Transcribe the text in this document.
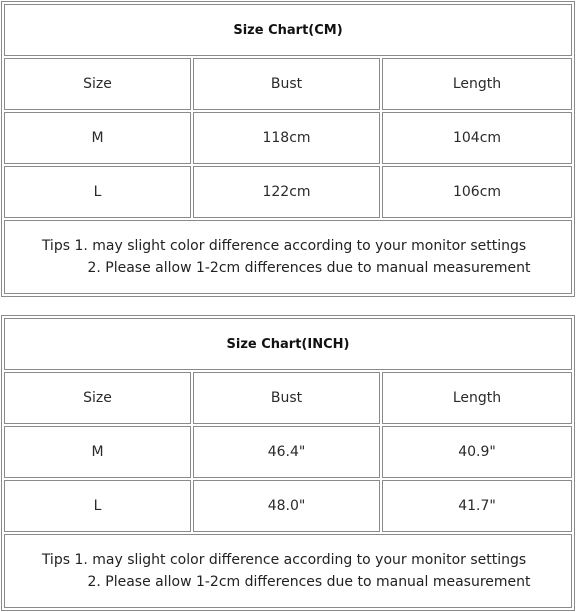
Size Chart(CM)
Size	Bust	Length
M	118cm	104cm
L	122cm	106cm
Tips 1. may slight color difference according to your monitor settings
2. Please allow 1-2cm differences due to manual measurement
Size Chart(INCH)
Size	Bust	Length
M	46.4"	40.9"
L	48.0"	41.7"
Tips 1. may slight color difference according to your monitor settings
2. Please allow 1-2cm differences due to manual measurement
